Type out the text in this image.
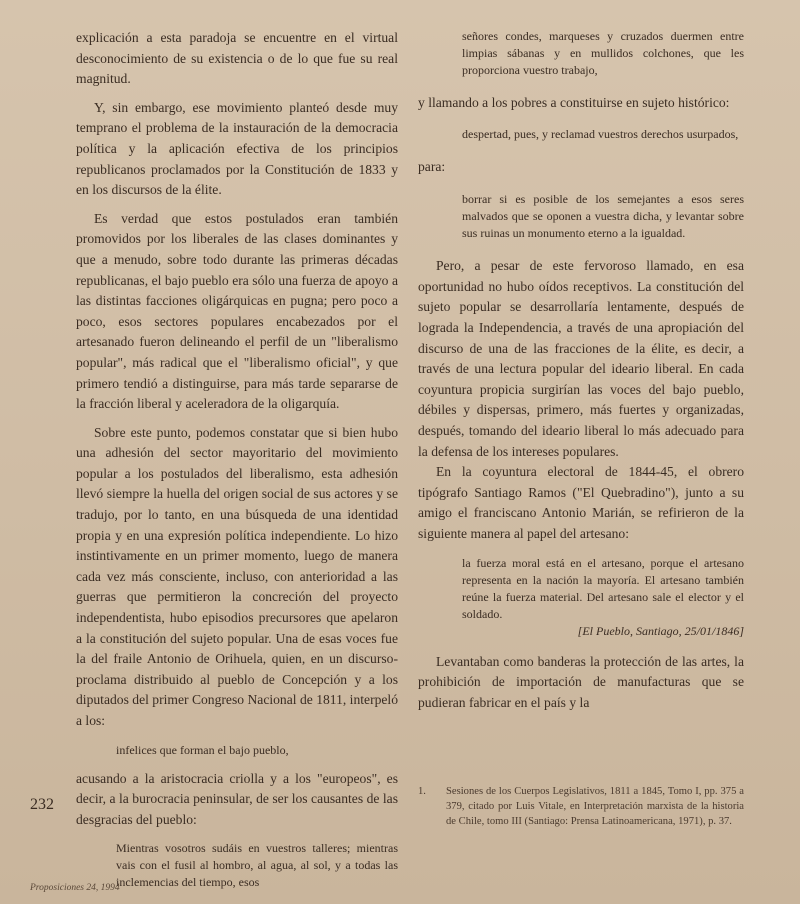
explicación a esta paradoja se encuentre en el virtual desconocimiento de su existencia o de lo que fue su real magnitud.

Y, sin embargo, ese movimiento planteó desde muy temprano el problema de la instauración de la democracia política y la aplicación efectiva de los principios republicanos proclamados por la Constitución de 1833 y en los discursos de la élite.

Es verdad que estos postulados eran también promovidos por los liberales de las clases dominantes y que a menudo, sobre todo durante las primeras décadas republicanas, el bajo pueblo era sólo una fuerza de apoyo a las distintas facciones oligárquicas en pugna; pero poco a poco, esos sectores populares encabezados por el artesanado fueron delineando el perfil de un "liberalismo popular", más radical que el "liberalismo oficial", y que primero tendió a distinguirse, para más tarde separarse de la fracción liberal y aceleradora de la oligarquía.

Sobre este punto, podemos constatar que si bien hubo una adhesión del sector mayoritario del movimiento popular a los postulados del liberalismo, esta adhesión llevó siempre la huella del origen social de sus actores y se tradujo, por lo tanto, en una búsqueda de una identidad propia y en una expresión política independiente. Lo hizo instintivamente en un primer momento, luego de manera cada vez más consciente, incluso, con anterioridad a las guerras que permitieron la concreción del proyecto independentista, hubo episodios precursores que apelaron a la constitución del sujeto popular. Una de esas voces fue la del fraile Antonio de Orihuela, quien, en un discurso-proclama distribuido al pueblo de Concepción y a los diputados del primer Congreso Nacional de 1811, interpeló a los:

infelices que forman el bajo pueblo,

acusando a la aristocracia criolla y a los "europeos", es decir, a la burocracia peninsular, de ser los causantes de las desgracias del pueblo:

Mientras vosotros sudáis en vuestros talleres; mientras vais con el fusil al hombro, al agua, al sol, y a todas las inclemencias del tiempo, esos

señores condes, marqueses y cruzados duermen entre limpias sábanas y en mullidos colchones, que les proporciona vuestro trabajo,

y llamando a los pobres a constituirse en sujeto histórico:

despertad, pues, y reclamad vuestros derechos usurpados,

para:

borrar si es posible de los semejantes a esos seres malvados que se oponen a vuestra dicha, y levantar sobre sus ruinas un monumento eterno a la igualdad.

Pero, a pesar de este fervoroso llamado, en esa oportunidad no hubo oídos receptivos. La constitución del sujeto popular se desarrollaría lentamente, después de lograda la Independencia, a través de una apropiación del discurso de una de las fracciones de la élite, es decir, a través de una lectura popular del ideario liberal. En cada coyuntura propicia surgirían las voces del bajo pueblo, débiles y dispersas, primero, más fuertes y organizadas, después, tomando del ideario liberal lo más adecuado para la defensa de los intereses populares.

En la coyuntura electoral de 1844-45, el obrero tipógrafo Santiago Ramos ("El Quebradino"), junto a su amigo el franciscano Antonio Marián, se refirieron de la siguiente manera al papel del artesano:

la fuerza moral está en el artesano, porque el artesano representa en la nación la mayoría. El artesano también reúne la fuerza material. Del artesano sale el elector y el soldado.

[El Pueblo, Santiago, 25/01/1846]

Levantaban como banderas la protección de las artes, la prohibición de importación de manufacturas que se pudieran fabricar en el país y la

1. Sesiones de los Cuerpos Legislativos, 1811 a 1845, Tomo I, pp. 375 a 379, citado por Luis Vitale, en Interpretación marxista de la historia de Chile, tomo III (Santiago: Prensa Latinoamericana, 1971), p. 37.

232
Proposiciones 24, 1994
